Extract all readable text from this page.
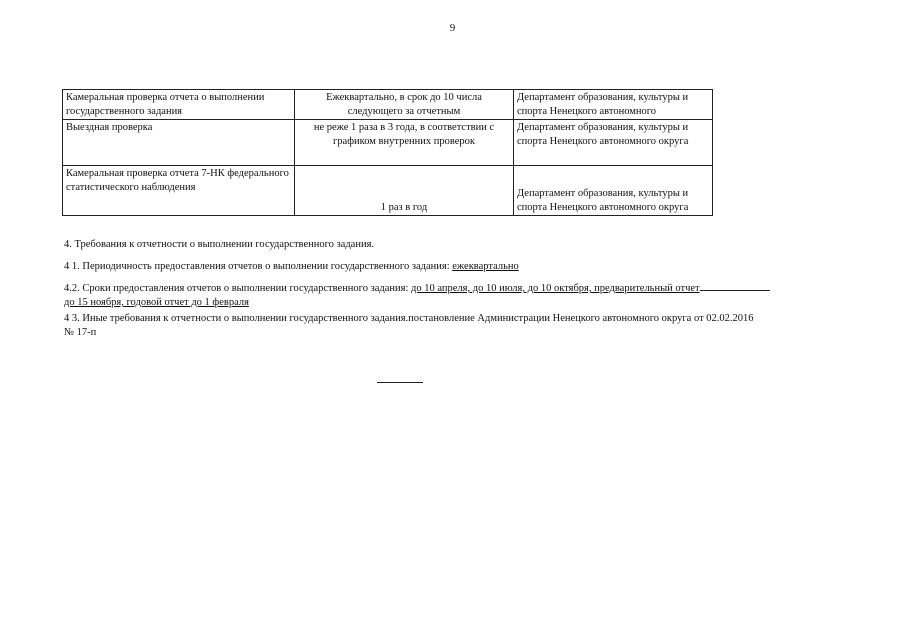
9
Камеральная проверка отчета о выполнении государственного задания	Ежеквартально, в срок до 10 числа следующего за отчетным	Департамент образования, культуры и спорта Ненецкого автономного
Выездная проверка	не реже 1 раза в 3 года, в соответствии с графиком внутренних проверок	Департамент образования, культуры и спорта Ненецкого автономного округа
Камеральная проверка отчета 7-НК федерального статистического наблюдения	1 раз в год	Департамент образования, культуры и спорта Ненецкого автономного округа
4. Требования к отчетности о выполнении государственного задания.
4 1. Периодичность предоставления отчетов о выполнении государственного задания: ежеквартально
4.2. Сроки предоставления отчетов о выполнении государственного задания: до 10 апреля, до 10 июля, до 10 октября, предварительный отчет
до 15 ноября, годовой отчет до 1 февраля
4 3. Иные требования к отчетности о выполнении государственного задания.постановление Администрации Ненецкого автономного округа от 02.02.2016
№ 17-п
